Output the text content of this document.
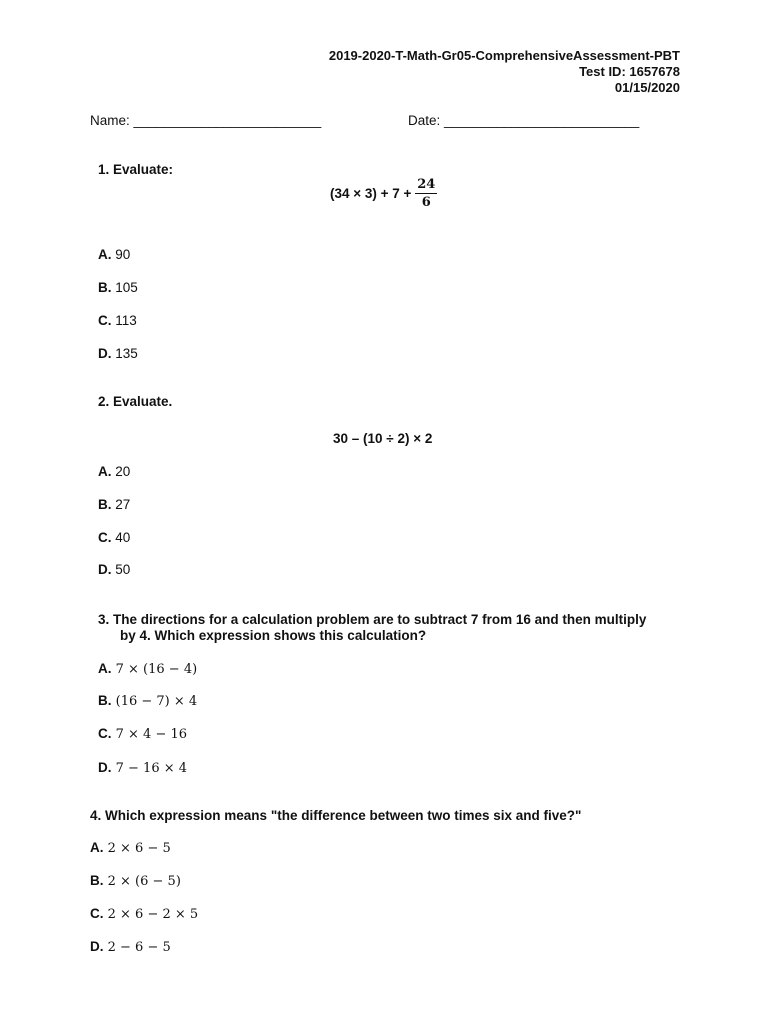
2019-2020-T-Math-Gr05-ComprehensiveAssessment-PBT
Test ID: 1657678
01/15/2020
Name: _________________________	Date: __________________________
1. Evaluate:
$(34 \times 3) + 7 + \frac{24}{6}$
A. 90
B. 105
C. 113
D. 135
2. Evaluate.
30 – (10 ÷ 2) × 2
A. 20
B. 27
C. 40
D. 50
3. The directions for a calculation problem are to subtract 7 from 16 and then multiply
by 4. Which expression shows this calculation?
A. 7 × (16 − 4)
B. (16 − 7) × 4
C. 7 × 4 − 16
D. 7 − 16 × 4
4. Which expression means "the difference between two times six and five?"
A. 2 × 6 − 5
B. 2 × (6 − 5)
C. 2 × 6 − 2 × 5
D. 2 − 6 − 5
